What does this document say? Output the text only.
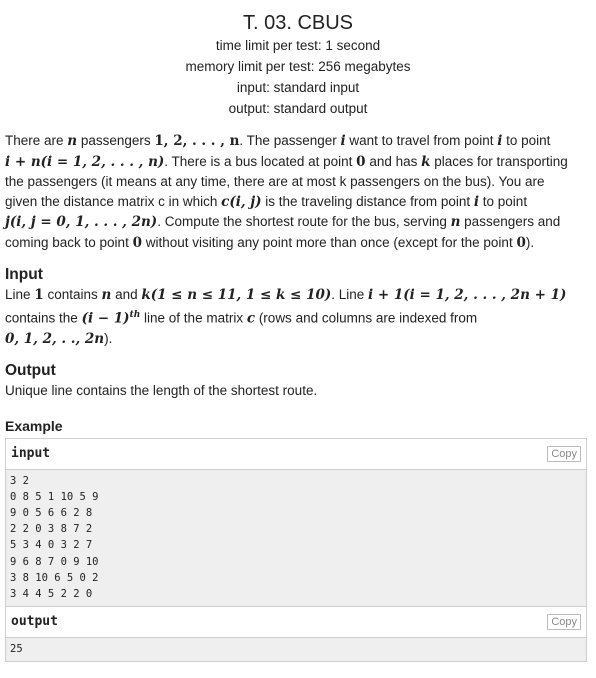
T. 03. CBUS
time limit per test: 1 second
memory limit per test: 256 megabytes
input: standard input
output: standard output
There are n passengers 1, 2, . . . , n. The passenger i want to travel from point i to point
i + n(i = 1, 2, . . . , n). There is a bus located at point 0 and has k places for transporting
the passengers (it means at any time, there are at most k passengers on the bus). You are
given the distance matrix c in which c(i, j) is the traveling distance from point i to point
j(i, j = 0, 1, . . . , 2n). Compute the shortest route for the bus, serving n passengers and
coming back to point 0 without visiting any point more than once (except for the point 0).
Input
Line 1 contains n and k(1 ≤ n ≤ 11, 1 ≤ k ≤ 10). Line i + 1(i = 1, 2, . . . , 2n + 1)
contains the $(i - 1)^{th}$ line of the matrix c (rows and columns are indexed from
0, 1, 2, . ., 2n).
Output
Unique line contains the length of the shortest route.
Example
input	Copy
3 2
0 8 5 1 10 5 9
9 0 5 6 6 2 8
2 2 0 3 8 7 2
5 3 4 0 3 2 7
9 6 8 7 0 9 10
3 8 10 6 5 0 2
3 4 4 5 2 2 0
output	Copy
25
